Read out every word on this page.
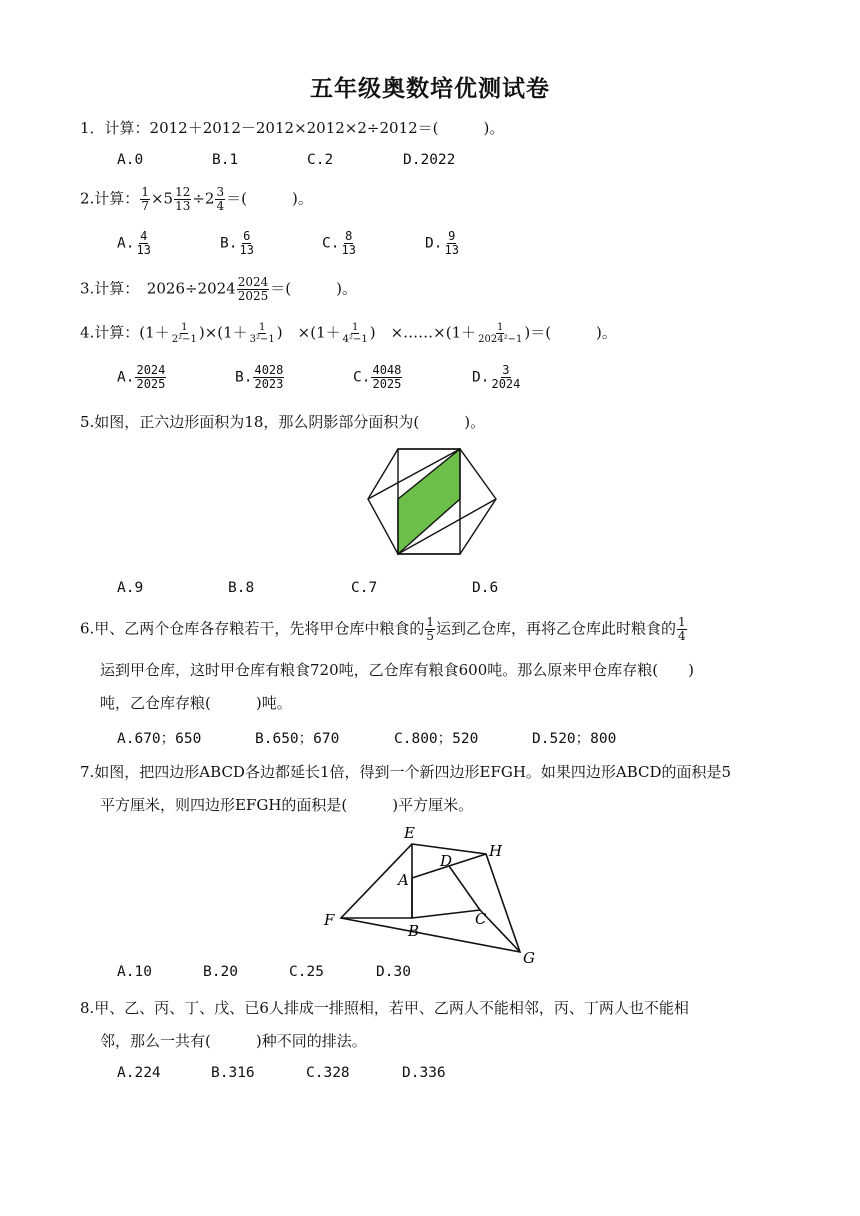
五年级奥数培优测试卷
1．计算：2012＋2012－2012×2012×2÷2012＝(　　　)。
A.0	B.1	C.2	D.2022
2.计算： $\frac{1}{7} \times 5 \frac{12}{13} \div 2 \frac{3}{4}$ ＝(　　　)。
A. $\frac{4}{13}$	B. $\frac{6}{13}$	C. $\frac{8}{13}$	D. $\frac{9}{13}$
3.计算：　$2026\div 2024 \frac{2024}{2025}$ ＝(　　　)。
4.计算：$(1+ \frac{1}{\text{2²−1}} )\times(1+ \frac{1}{\text{3²−1}}$ )　$\times(1+ \frac{1}{\text{4²−1}}$ )　×……×(1＋ $\frac{1}{\text{2024²−1}}$ )＝(　　　)。
A. $\frac{2024}{2025}$	B. $\frac{4028}{2023}$	C. $\frac{4048}{2025}$	D. $\frac{3}{2024}$
5.如图，正六边形面积为18，那么阴影部分面积为(　　　)。
A.9	B.8	C.7	D.6
6.甲、乙两个仓库各存粮若干，先将甲仓库中粮食的 $\frac{1}{5}$ 运到乙仓库，再将乙仓库此时粮食的 $\frac{1}{4}$
运到甲仓库，这时甲仓库有粮食720吨，乙仓库有粮食600吨。那么原来甲仓库存粮(　　)
吨，乙仓库存粮(　　　)吨。
A.670；650	B.650；670	C.800；520	D.520；800
7.如图，把四边形ABCD各边都延长1倍，得到一个新四边形EFGH。如果四边形ABCD的面积是5
平方厘米，则四边形EFGH的面积是(　　　)平方厘米。
E
D
H
A
F
B
C
G
A.10	B.20	C.25	D.30
8.甲、乙、丙、丁、戊、已6人排成一排照相，若甲、乙两人不能相邻，丙、丁两人也不能相
邻，那么一共有(　　　)种不同的排法。
A.224	B.316	C.328	D.336
